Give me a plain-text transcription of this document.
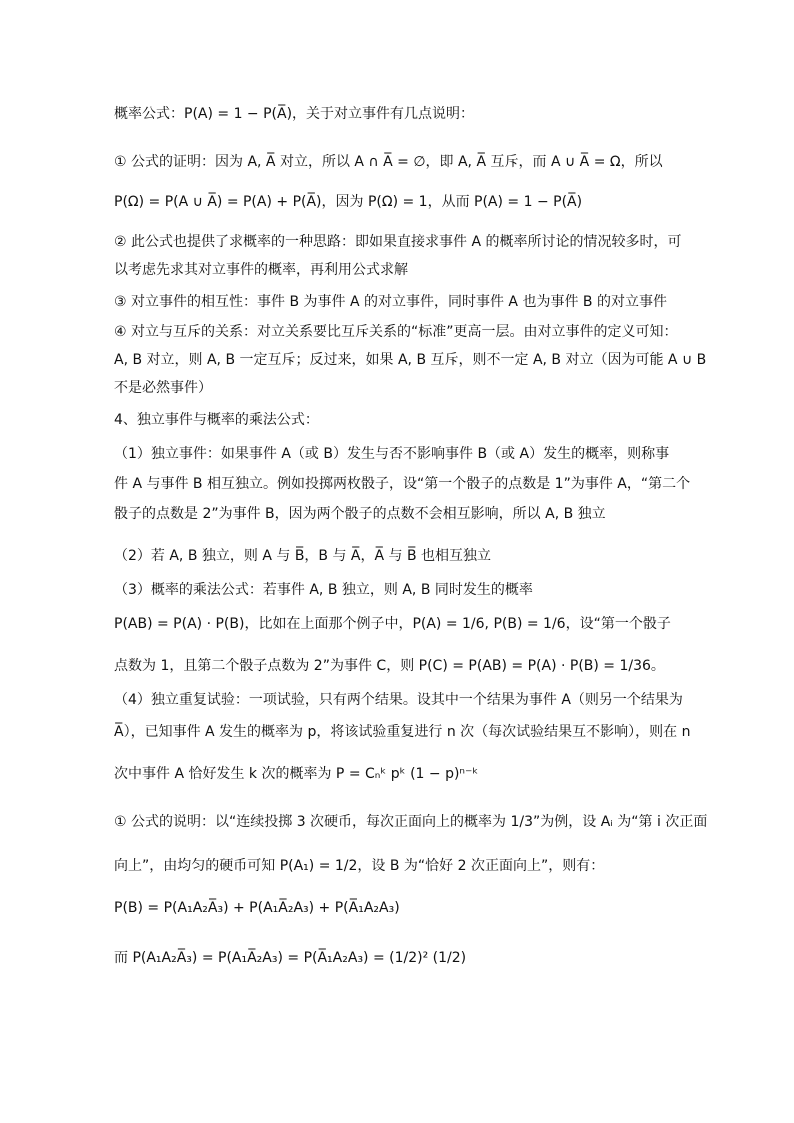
概率公式：P(A) = 1 − P(A̅)，关于对立事件有几点说明：
① 公式的证明：因为 A, A̅ 对立，所以 A ∩ A̅ = ∅，即 A, A̅ 互斥，而 A ∪ A̅ = Ω，所以
P(Ω) = P(A ∪ A̅) = P(A) + P(A̅)，因为 P(Ω) = 1，从而 P(A) = 1 − P(A̅)
② 此公式也提供了求概率的一种思路：即如果直接求事件 A 的概率所讨论的情况较多时，可
以考虑先求其对立事件的概率，再利用公式求解
③ 对立事件的相互性：事件 B 为事件 A 的对立事件，同时事件 A 也为事件 B 的对立事件
④ 对立与互斥的关系：对立关系要比互斥关系的“标准”更高一层。由对立事件的定义可知：
A, B 对立，则 A, B 一定互斥；反过来，如果 A, B 互斥，则不一定 A, B 对立（因为可能 A ∪ B
不是必然事件）
4、独立事件与概率的乘法公式：
（1）独立事件：如果事件 A（或 B）发生与否不影响事件 B（或 A）发生的概率，则称事
件 A 与事件 B 相互独立。例如投掷两枚骰子，设“第一个骰子的点数是 1”为事件 A，“第二个
骰子的点数是 2”为事件 B，因为两个骰子的点数不会相互影响，所以 A, B 独立
（2）若 A, B 独立，则 A 与 B̅，B 与 A̅，A̅ 与 B̅ 也相互独立
（3）概率的乘法公式：若事件 A, B 独立，则 A, B 同时发生的概率
P(AB) = P(A) · P(B)，比如在上面那个例子中，P(A) = 1/6, P(B) = 1/6，设“第一个骰子
点数为 1，且第二个骰子点数为 2”为事件 C，则 P(C) = P(AB) = P(A) · P(B) = 1/36。
（4）独立重复试验：一项试验，只有两个结果。设其中一个结果为事件 A（则另一个结果为
A̅），已知事件 A 发生的概率为 p，将该试验重复进行 n 次（每次试验结果互不影响），则在 n
次中事件 A 恰好发生 k 次的概率为 P = Cₙᵏ pᵏ (1 − p)ⁿ⁻ᵏ
① 公式的说明：以“连续投掷 3 次硬币，每次正面向上的概率为 1/3”为例，设 Aᵢ 为“第 i 次正面
向上”，由均匀的硬币可知 P(A₁) = 1/2，设 B 为“恰好 2 次正面向上”，则有：
P(B) = P(A₁A₂A̅₃) + P(A₁A̅₂A₃) + P(A̅₁A₂A₃)
而 P(A₁A₂A̅₃) = P(A₁A̅₂A₃) = P(A̅₁A₂A₃) = (1/2)² (1/2)
